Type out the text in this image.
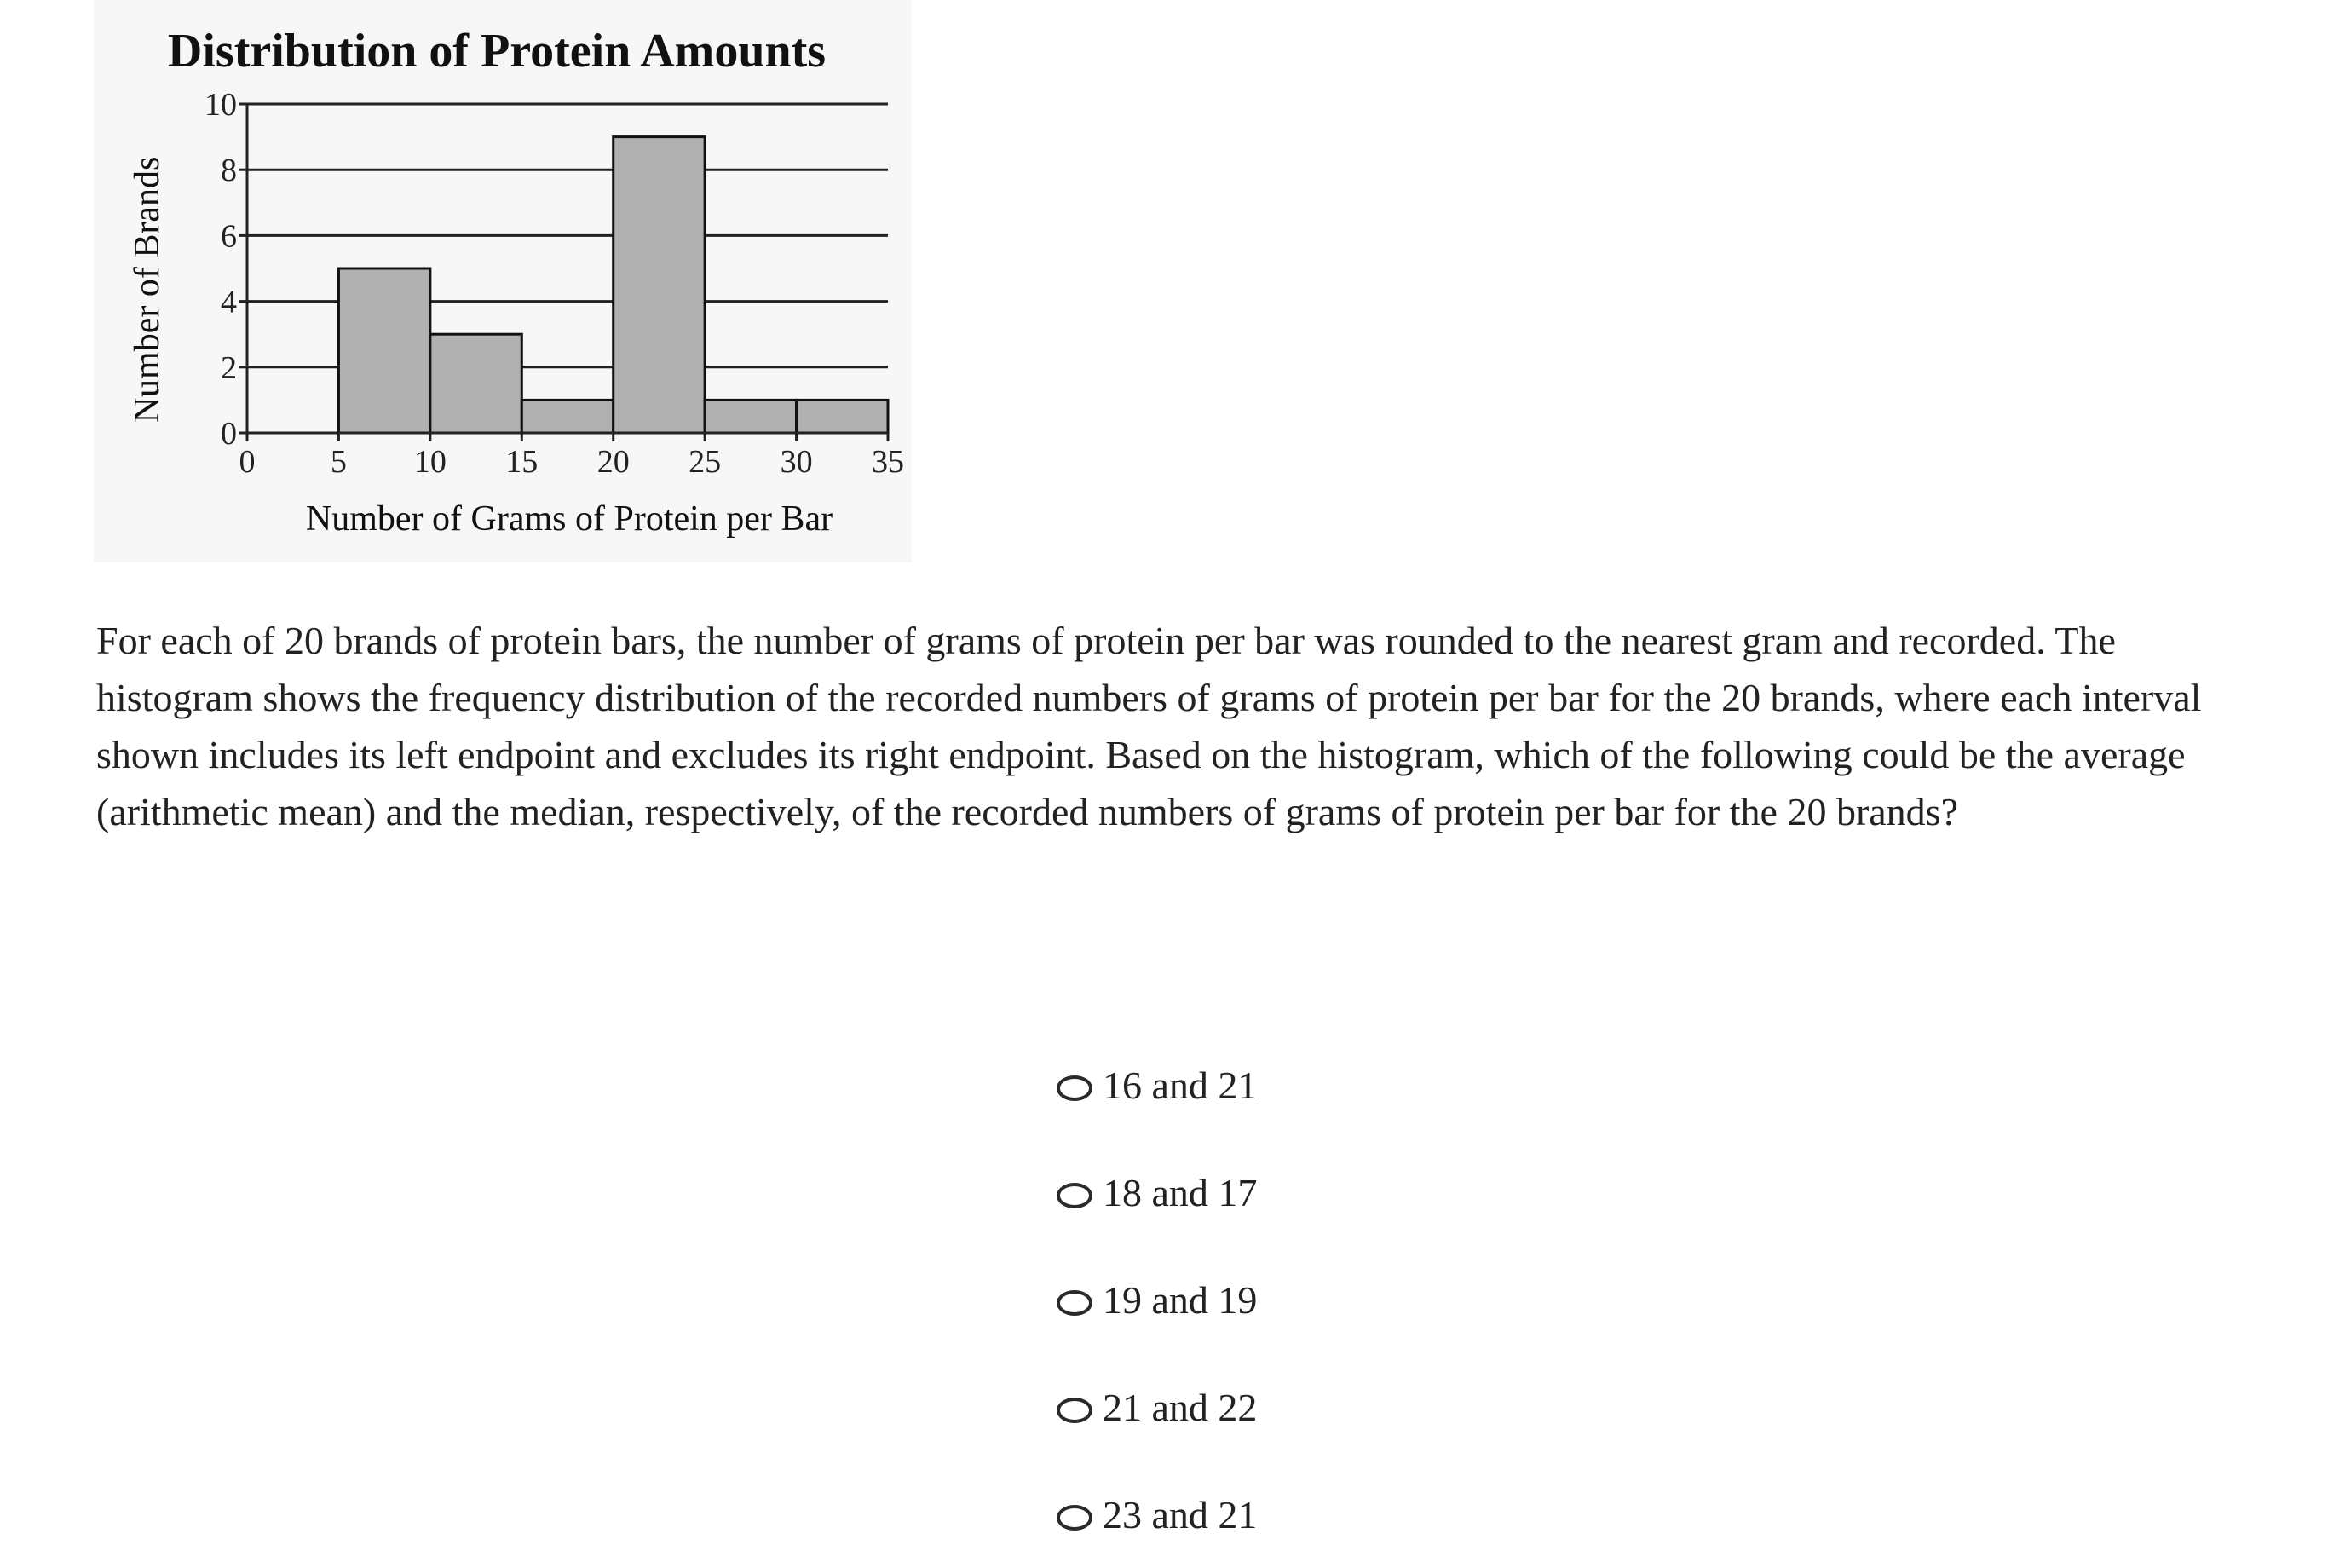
Distribution of Protein Amounts
0
2
4
6
8
10
0 5 10 15 20 25 30 35
Number of Grams of Protein per Bar
Number of Brands

For each of 20 brands of protein bars, the number of grams of protein per bar was rounded to the nearest gram and recorded. The histogram shows the frequency distribution of the recorded numbers of grams of protein per bar for the 20 brands, where each interval shown includes its left endpoint and excludes its right endpoint. Based on the histogram, which of the following could be the average (arithmetic mean) and the median, respectively, of the recorded numbers of grams of protein per bar for the 20 brands?

16 and 21
18 and 17
19 and 19
21 and 22
23 and 21
